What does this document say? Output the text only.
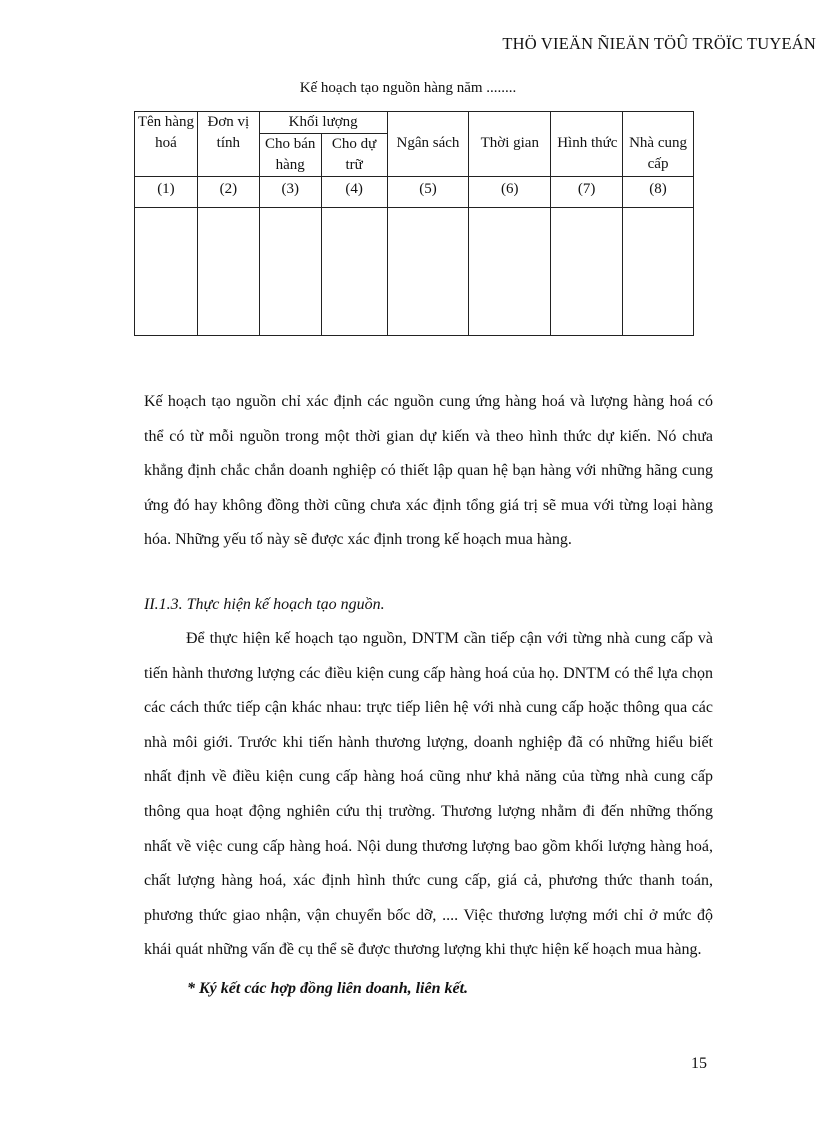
THÖ VIEÄN ÑIEÄN TÖÛ TRÖÏC TUYEÁN
Kế hoạch tạo nguồn hàng năm ........
Tên hàng hoá	Đơn vị tính	Khối lượng		Ngân sách	Thời gian	Hình thức	Nhà cung cấp
		Cho bán hàng	Cho dự trữ				
(1)	(2)	(3)	(4)	(5)	(6)	(7)	(8)

Kế hoạch tạo nguồn chỉ xác định các nguồn cung ứng hàng hoá và lượng hàng hoá có thể có từ mỗi nguồn trong một thời gian dự kiến và theo hình thức dự kiến. Nó chưa khẳng định chắc chắn doanh nghiệp có thiết lập quan hệ bạn hàng với những hãng cung ứng đó hay không đồng thời cũng chưa xác định tổng giá trị sẽ mua với từng loại hàng hóa. Những yếu tố này sẽ được xác định trong kế hoạch mua hàng.
II.1.3. Thực hiện kế hoạch tạo nguồn.
Để thực hiện kế hoạch tạo nguồn, DNTM cần tiếp cận với từng nhà cung cấp và tiến hành thương lượng các điều kiện cung cấp hàng hoá của họ. DNTM có thể lựa chọn các cách thức tiếp cận khác nhau: trực tiếp liên hệ với nhà cung cấp hoặc thông qua các nhà môi giới. Trước khi tiến hành thương lượng, doanh nghiệp đã có những hiểu biết nhất định về điều kiện cung cấp hàng hoá cũng như khả năng của từng nhà cung cấp thông qua hoạt động nghiên cứu thị trường. Thương lượng nhằm đi đến những thống nhất về việc cung cấp hàng hoá. Nội dung thương lượng bao gồm khối lượng hàng hoá, chất lượng hàng hoá, xác định hình thức cung cấp, giá cả, phương thức thanh toán, phương thức giao nhận, vận chuyển bốc dỡ, .... Việc thương lượng mới chỉ ở mức độ khái quát những vấn đề cụ thể sẽ được thương lượng khi thực hiện kế hoạch mua hàng.
* Ký kết các hợp đồng liên doanh, liên kết.
15
